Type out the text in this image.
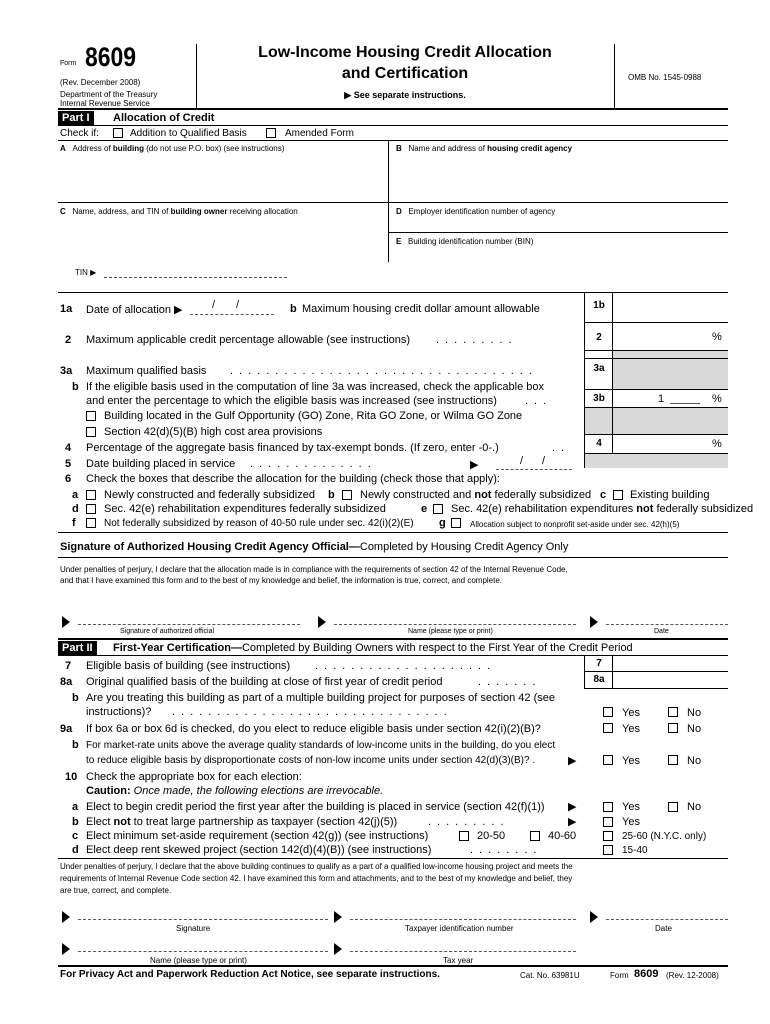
Form 8609
(Rev. December 2008)
Department of the Treasury
Internal Revenue Service
Low-Income Housing Credit Allocation
and Certification
▶ See separate instructions.
OMB No. 1545-0988
Part I	Allocation of Credit
Check if:	Addition to Qualified Basis	Amended Form
A Address of building (do not use P.O. box) (see instructions)	B Name and address of housing credit agency
C Name, address, and TIN of building owner receiving allocation	D Employer identification number of agency
E Building identification number (BIN)
TIN ▶
1a Date of allocation ▶	/ /	b Maximum housing credit dollar amount allowable	1b
2 Maximum applicable credit percentage allowable (see instructions) .........	2	%
3a Maximum qualified basis ..................................	3a
b If the eligible basis used in the computation of line 3a was increased, check the applicable box
and enter the percentage to which the eligible basis was increased (see instructions)	...	3b	1	%
Building located in the Gulf Opportunity (GO) Zone, Rita GO Zone, or Wilma GO Zone
Section 42(d)(5)(B) high cost area provisions
4 Percentage of the aggregate basis financed by tax-exempt bonds. (If zero, enter -0-.)	..	4	%
5 Date building placed in service ..............	▶	/ /
6 Check the boxes that describe the allocation for the building (check those that apply):
a Newly constructed and federally subsidized b Newly constructed and not federally subsidized c Existing building
d Sec. 42(e) rehabilitation expenditures federally subsidized	e Sec. 42(e) rehabilitation expenditures not federally subsidized
f	Not federally subsidized by reason of 40-50 rule under sec. 42(i)(2)(E) g	Allocation subject to nonprofit set-aside under sec. 42(h)(5)
Signature of Authorized Housing Credit Agency Official—Completed by Housing Credit Agency Only
Under penalties of perjury, I declare that the allocation made is in compliance with the requirements of section 42 of the Internal Revenue Code,
and that I have examined this form and to the best of my knowledge and belief, the information is true, correct, and complete.
Signature of authorized official	Name (please type or print)	Date
Part II	First-Year Certification—Completed by Building Owners with respect to the First Year of the Credit Period
7 Eligible basis of building (see instructions) ....................	7
8a Original qualified basis of the building at close of first year of credit period	.......	8a
b Are you treating this building as part of a multiple building project for purposes of section 42 (see
instructions)? ...............................	Yes	No
9a If box 6a or box 6d is checked, do you elect to reduce eligible basis under section 42(i)(2)(B)?	Yes	No
b For market-rate units above the average quality standards of low-income units in the building, do you elect
to reduce eligible basis by disproportionate costs of non-low income units under section 42(d)(3)(B)? .	▶	Yes	No
10 Check the appropriate box for each election:
Caution: Once made, the following elections are irrevocable.
a Elect to begin credit period the first year after the building is placed in service (section 42(f)(1)) ▶	Yes	No
b Elect not to treat large partnership as taxpayer (section 42(j)(5))	.........	▶	Yes
c Elect minimum set-aside requirement (section 42(g)) (see instructions)	20-50	40-60	25-60 (N.Y.C. only)
d Elect deep rent skewed project (section 142(d)(4)(B)) (see instructions)	........	15-40
Under penalties of perjury, I declare that the above building continues to qualify as a part of a qualified low-income housing project and meets the
requirements of Internal Revenue Code section 42. I have examined this form and attachments, and to the best of my knowledge and belief, they
are true, correct, and complete.
Signature	Taxpayer identification number	Date
Name (please type or print)	Tax year
For Privacy Act and Paperwork Reduction Act Notice, see separate instructions.	Cat. No. 63981U	Form 8609 (Rev. 12-2008)
